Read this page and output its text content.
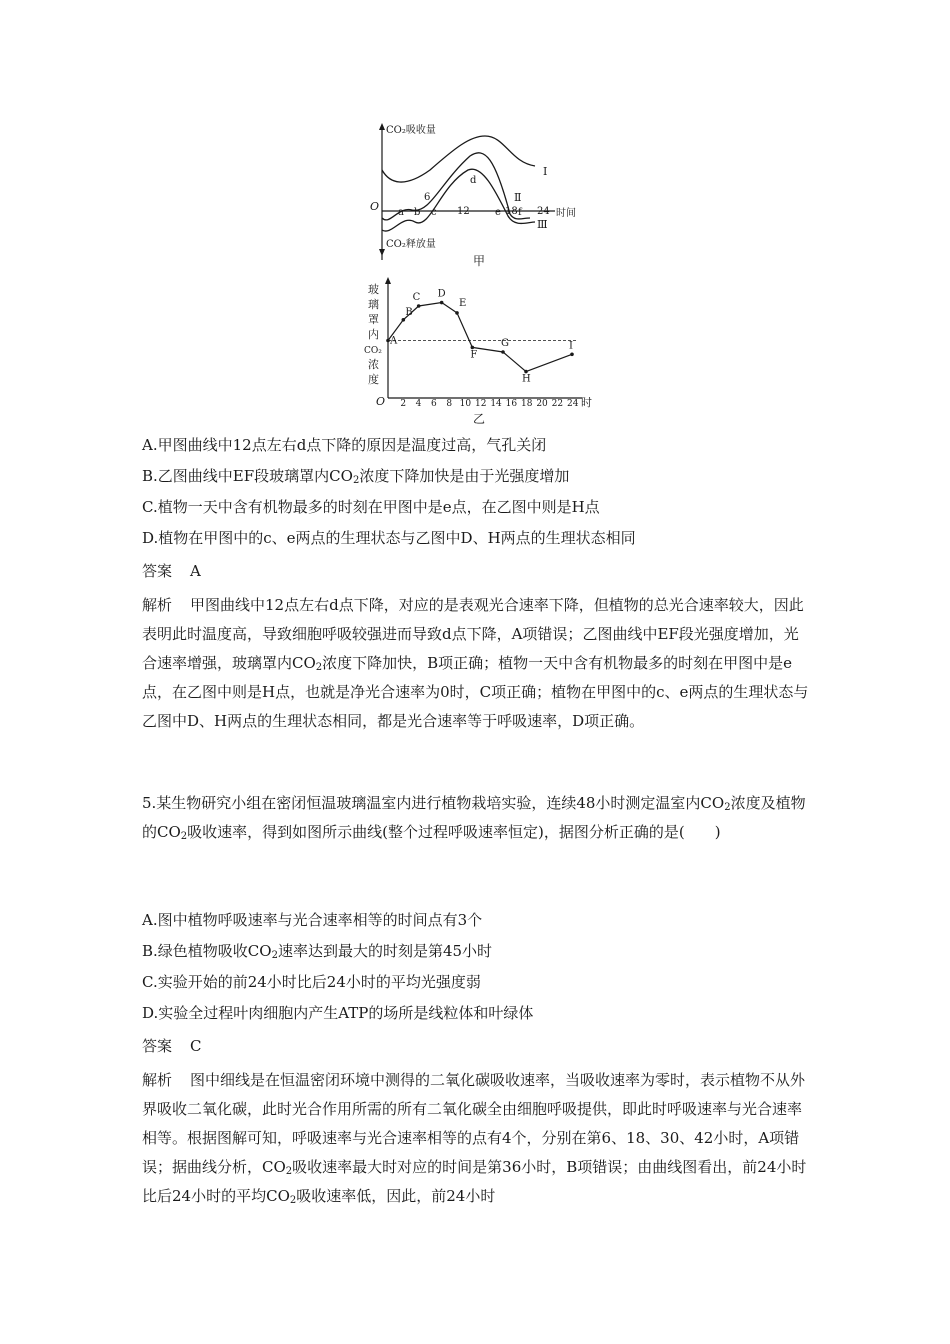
CO₂吸收量
CO₂释放量
O
时间
Ⅰ
Ⅱ
Ⅲ
6
12	18 24
a b c
d
e f
甲
O
玻
璃
罩
内
CO₂
浓
度
2 4 6 8 10 12 14 16 18 20 22 24 时
A
B
C D
E
F
G
H
I
乙
A.甲图曲线中12点左右d点下降的原因是温度过高，气孔关闭
B.乙图曲线中EF段玻璃罩内$CO_2$浓度下降加快是由于光强度增加
C.植物一天中含有机物最多的时刻在甲图中是e点，在乙图中则是H点
D.植物在甲图中的c、e两点的生理状态与乙图中D、H两点的生理状态相同
答案 A

解析 甲图曲线中12点左右d点下降，对应的是表观光合速率下降，但植物的总光合速率较大，因此表明此时温度高，导致细胞呼吸较强进而导致d点下降，A项错误；乙图曲线中EF段光强度增加，光合速率增强，玻璃罩内$CO_2$浓度下降加快，B项正确；植物一天中含有机物最多的时刻在甲图中是e点，在乙图中则是H点，也就是净光合速率为0时，C项正确；植物在甲图中的c、e两点的生理状态与乙图中D、H两点的生理状态相同，都是光合速率等于呼吸速率，D项正确。

5.某生物研究小组在密闭恒温玻璃温室内进行植物栽培实验，连续48小时测定温室内$CO_2$浓度及植物的$CO_2$吸收速率，得到如图所示曲线(整个过程呼吸速率恒定)，据图分析正确的是(　　)

A.图中植物呼吸速率与光合速率相等的时间点有3个
B.绿色植物吸收$CO_2$速率达到最大的时刻是第45小时
C.实验开始的前24小时比后24小时的平均光强度弱
D.实验全过程叶肉细胞内产生ATP的场所是线粒体和叶绿体
答案 C

解析 图中细线是在恒温密闭环境中测得的二氧化碳吸收速率，当吸收速率为零时，表示植物不从外界吸收二氧化碳，此时光合作用所需的所有二氧化碳全由细胞呼吸提供，即此时呼吸速率与光合速率相等。根据图解可知，呼吸速率与光合速率相等的点有4个，分别在第6、18、30、42小时，A项错误；据曲线分析，$CO_2$吸收速率最大时对应的时间是第36小时，B项错误；由曲线图看出，前24小时比后24小时的平均$CO_2$吸收速率低，因此，前24小时
